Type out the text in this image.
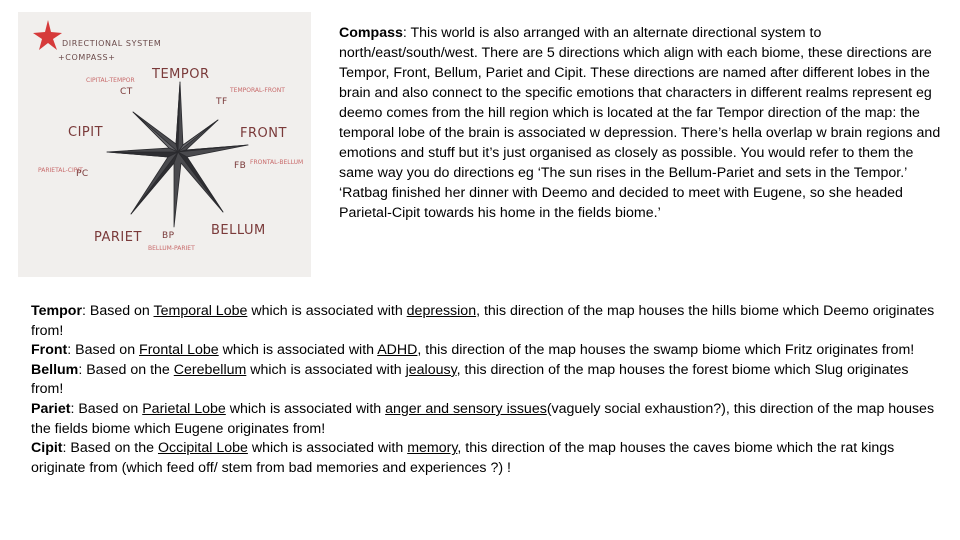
DIRECTIONAL SYSTEM
+COMPASS+
TEMPOR
FRONT
BELLUM
PARIET
CIPIT
CIPITAL-TEMPOR
CT
TF
TEMPORAL-FRONT
FB FRONTAL-BELLUM
PARIETAL-CIPIT
PC
BP
BELLUM-PARIET
Compass: This world is also arranged with an alternate directional system to north/east/south/west. There are 5 directions which align with each biome, these directions are Tempor, Front, Bellum, Pariet and Cipit. These directions are named after different lobes in the brain and also connect to the specific emotions that characters in different realms represent eg deemo comes from the hill region which is located at the far Tempor direction of the map: the temporal lobe of the brain is associated w depression. There’s hella overlap w brain regions and emotions and stuff but it’s just organised as closely as possible. You would refer to them the same way you do directions eg ‘The sun rises in the Bellum-Pariet and sets in the Tempor.’ ‘Ratbag finished her dinner with Deemo and decided to meet with Eugene, so she headed Parietal-Cipit towards his home in the fields biome.’

Tempor: Based on Temporal Lobe which is associated with depression, this direction of the map houses the hills biome which Deemo originates from!

Front: Based on Frontal Lobe which is associated with ADHD, this direction of the map houses the swamp biome which Fritz originates from!

Bellum: Based on the Cerebellum which is associated with jealousy, this direction of the map houses the forest biome which Slug originates from!

Pariet: Based on Parietal Lobe which is associated with anger and sensory issues(vaguely social exhaustion?), this direction of the map houses the fields biome which Eugene originates from!

Cipit: Based on the Occipital Lobe which is associated with memory, this direction of the map houses the caves biome which the rat kings originate from (which feed off/ stem from bad memories and experiences ?) !
